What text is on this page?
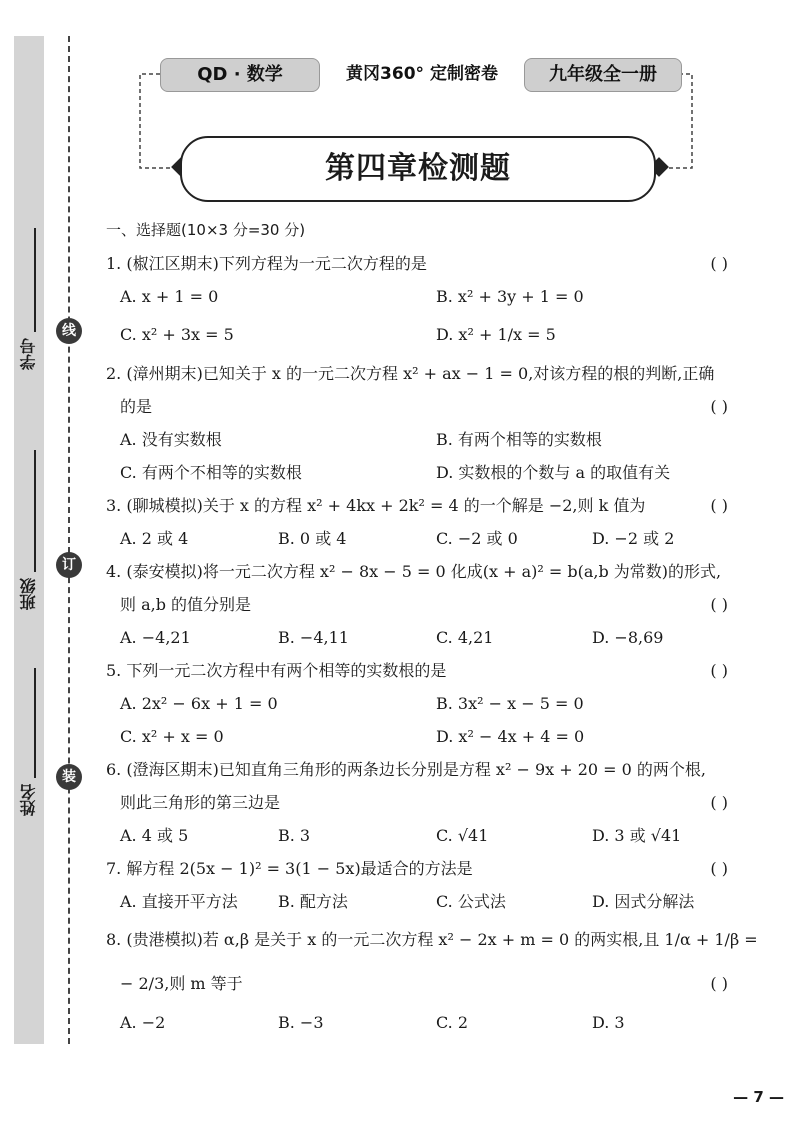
学号
班级
姓名
线
订
装
QD · 数学	黄冈360° 定制密卷	九年级全一册
第四章检测题
一、选择题(10×3 分=30 分)
1. (椒江区期末)下列方程为一元二次方程的是	( )
A. x + 1 = 0	B. x² + 3y + 1 = 0
C. x² + 3x = 5	D. x² + 1/x = 5
2. (漳州期末)已知关于 x 的一元二次方程 x² + ax − 1 = 0,对该方程的根的判断,正确
的是	( )
A. 没有实数根	B. 有两个相等的实数根
C. 有两个不相等的实数根	D. 实数根的个数与 a 的取值有关
3. (聊城模拟)关于 x 的方程 x² + 4kx + 2k² = 4 的一个解是 −2,则 k 值为	( )
A. 2 或 4	B. 0 或 4	C. −2 或 0	D. −2 或 2
4. (泰安模拟)将一元二次方程 x² − 8x − 5 = 0 化成(x + a)² = b(a,b 为常数)的形式,
则 a,b 的值分别是	( )
A. −4,21	B. −4,11	C. 4,21	D. −8,69
5. 下列一元二次方程中有两个相等的实数根的是	( )
A. 2x² − 6x + 1 = 0	B. 3x² − x − 5 = 0
C. x² + x = 0	D. x² − 4x + 4 = 0
6. (澄海区期末)已知直角三角形的两条边长分别是方程 x² − 9x + 20 = 0 的两个根,
则此三角形的第三边是	( )
A. 4 或 5	B. 3	C. √41	D. 3 或 √41
7. 解方程 2(5x − 1)² = 3(1 − 5x)最适合的方法是	( )
A. 直接开平方法	B. 配方法	C. 公式法	D. 因式分解法
8. (贵港模拟)若 α,β 是关于 x 的一元二次方程 x² − 2x + m = 0 的两实根,且 1/α + 1/β =
− 2/3,则 m 等于	( )
A. −2	B. −3	C. 2	D. 3
— 7 —
